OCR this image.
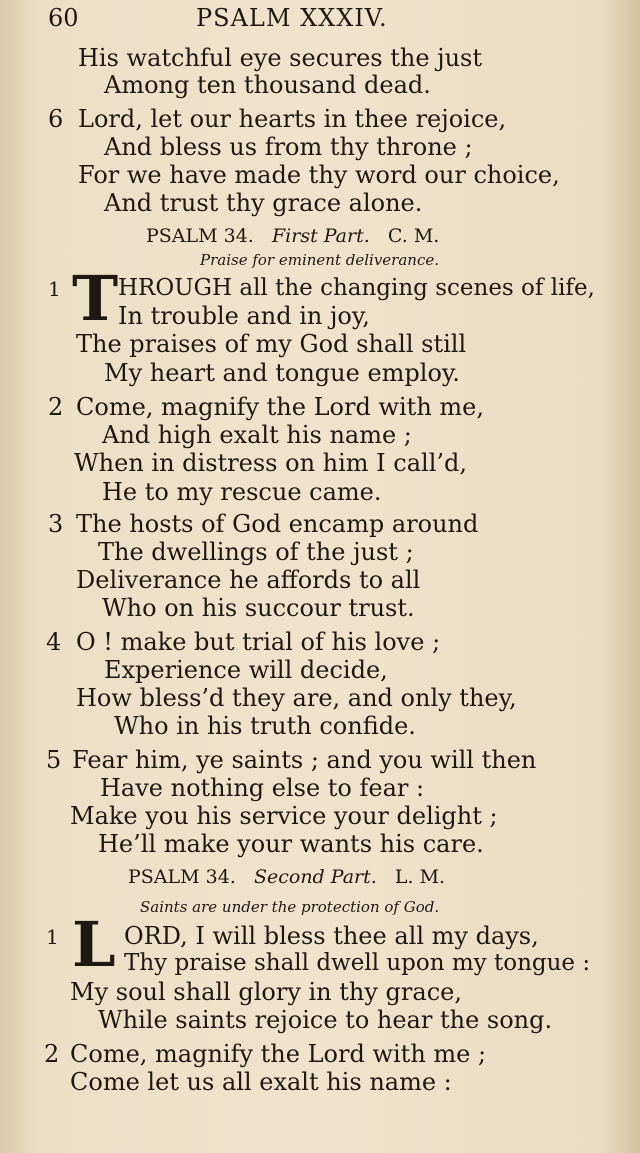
60	PSALM XXXIV.
His watchful eye secures the just
Among ten thousand dead.
6 Lord, let our hearts in thee rejoice,
And bless us from thy throne ;
For we have made thy word our choice,
And trust thy grace alone.
PSALM 34. First Part. C. M.
Praise for eminent deliverance.
1 T HROUGH all the changing scenes of life,
In trouble and in joy,
The praises of my God shall still
My heart and tongue employ.
2 Come, magnify the Lord with me,
And high exalt his name ;
When in distress on him I call’d,
He to my rescue came.
3 The hosts of God encamp around
The dwellings of the just ;
Deliverance he affords to all
Who on his succour trust.
4 O ! make but trial of his love ;
Experience will decide,
How bless’d they are, and only they,
Who in his truth confide.
5 Fear him, ye saints ; and you will then
Have nothing else to fear :
Make you his service your delight ;
He’ll make your wants his care.
PSALM 34. Second Part. L. M.
Saints are under the protection of God.
1 L ORD, I will bless thee all my days,
Thy praise shall dwell upon my tongue :
My soul shall glory in thy grace,
While saints rejoice to hear the song.
2 Come, magnify the Lord with me ;
Come let us all exalt his name :
